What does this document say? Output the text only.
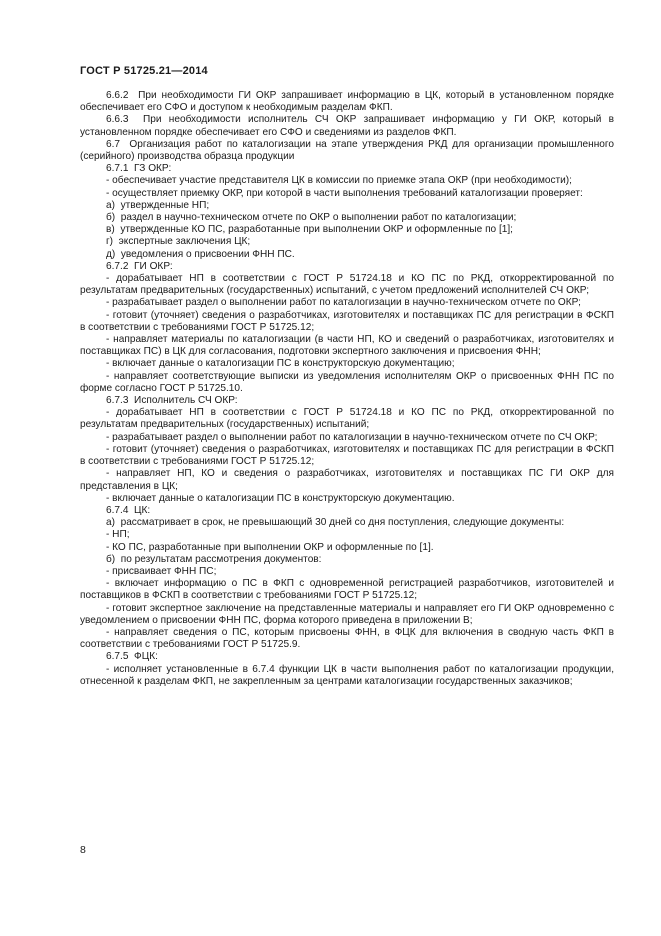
ГОСТ Р 51725.21—2014

6.6.2  При необходимости ГИ ОКР запрашивает информацию в ЦК, который в установленном порядке обеспечивает его СФО и доступом к необходимым разделам ФКП.

6.6.3  При необходимости исполнитель СЧ ОКР запрашивает информацию у ГИ ОКР, который в установленном порядке обеспечивает его СФО и сведениями из разделов ФКП.

6.7  Организация работ по каталогизации на этапе утверждения РКД для организации промышленного (серийного) производства образца продукции

6.7.1  ГЗ ОКР:

- обеспечивает участие представителя ЦК в комиссии по приемке этапа ОКР (при необходимости);

- осуществляет приемку ОКР, при которой в части выполнения требований каталогизации проверяет:

а)  утвержденные НП;

б)  раздел в научно-техническом отчете по ОКР о выполнении работ по каталогизации;

в)  утвержденные КО ПС, разработанные при выполнении ОКР и оформленные по [1];

г)  экспертные заключения ЦК;

д)  уведомления о присвоении ФНН ПС.

6.7.2  ГИ ОКР:

- дорабатывает НП в соответствии с ГОСТ Р 51724.18 и КО ПС по РКД, откорректированной по результатам предварительных (государственных) испытаний, с учетом предложений исполнителей СЧ ОКР;

- разрабатывает раздел о выполнении работ по каталогизации в научно-техническом отчете по ОКР;

- готовит (уточняет) сведения о разработчиках, изготовителях и поставщиках ПС для регистрации в ФСКП в соответствии с требованиями ГОСТ Р 51725.12;

- направляет материалы по каталогизации (в части НП, КО и сведений о разработчиках, изготовителях и поставщиках ПС) в ЦК для согласования, подготовки экспертного заключения и присвоения ФНН;

- включает данные о каталогизации ПС в конструкторскую документацию;

- направляет соответствующие выписки из уведомления исполнителям ОКР о присвоенных ФНН ПС по форме согласно ГОСТ Р 51725.10.

6.7.3  Исполнитель СЧ ОКР:

- дорабатывает НП в соответствии с ГОСТ Р 51724.18 и КО ПС по РКД, откорректированной по результатам предварительных (государственных) испытаний;

- разрабатывает раздел о выполнении работ по каталогизации в научно-техническом отчете по СЧ ОКР;

- готовит (уточняет) сведения о разработчиках, изготовителях и поставщиках ПС для регистрации в ФСКП в соответствии с требованиями ГОСТ Р 51725.12;

- направляет НП, КО и сведения о разработчиках, изготовителях и поставщиках ПС ГИ ОКР для представления в ЦК;

- включает данные о каталогизации ПС в конструкторскую документацию.

6.7.4  ЦК:

а)  рассматривает в срок, не превышающий 30 дней со дня поступления, следующие документы:

- НП;

- КО ПС, разработанные при выполнении ОКР и оформленные по [1].

б)  по результатам рассмотрения документов:

- присваивает ФНН ПС;

- включает информацию о ПС в ФКП с одновременной регистрацией разработчиков, изготовителей и поставщиков в ФСКП в соответствии с требованиями ГОСТ Р 51725.12;

- готовит экспертное заключение на представленные материалы и направляет его ГИ ОКР одновременно с уведомлением о присвоении ФНН ПС, форма которого приведена в приложении В;

- направляет сведения о ПС, которым присвоены ФНН, в ФЦК для включения в сводную часть ФКП в соответствии с требованиями ГОСТ Р 51725.9.

6.7.5  ФЦК:

- исполняет установленные в 6.7.4 функции ЦК в части выполнения работ по каталогизации продукции, отнесенной к разделам ФКП, не закрепленным за центрами каталогизации государственных заказчиков;

8
